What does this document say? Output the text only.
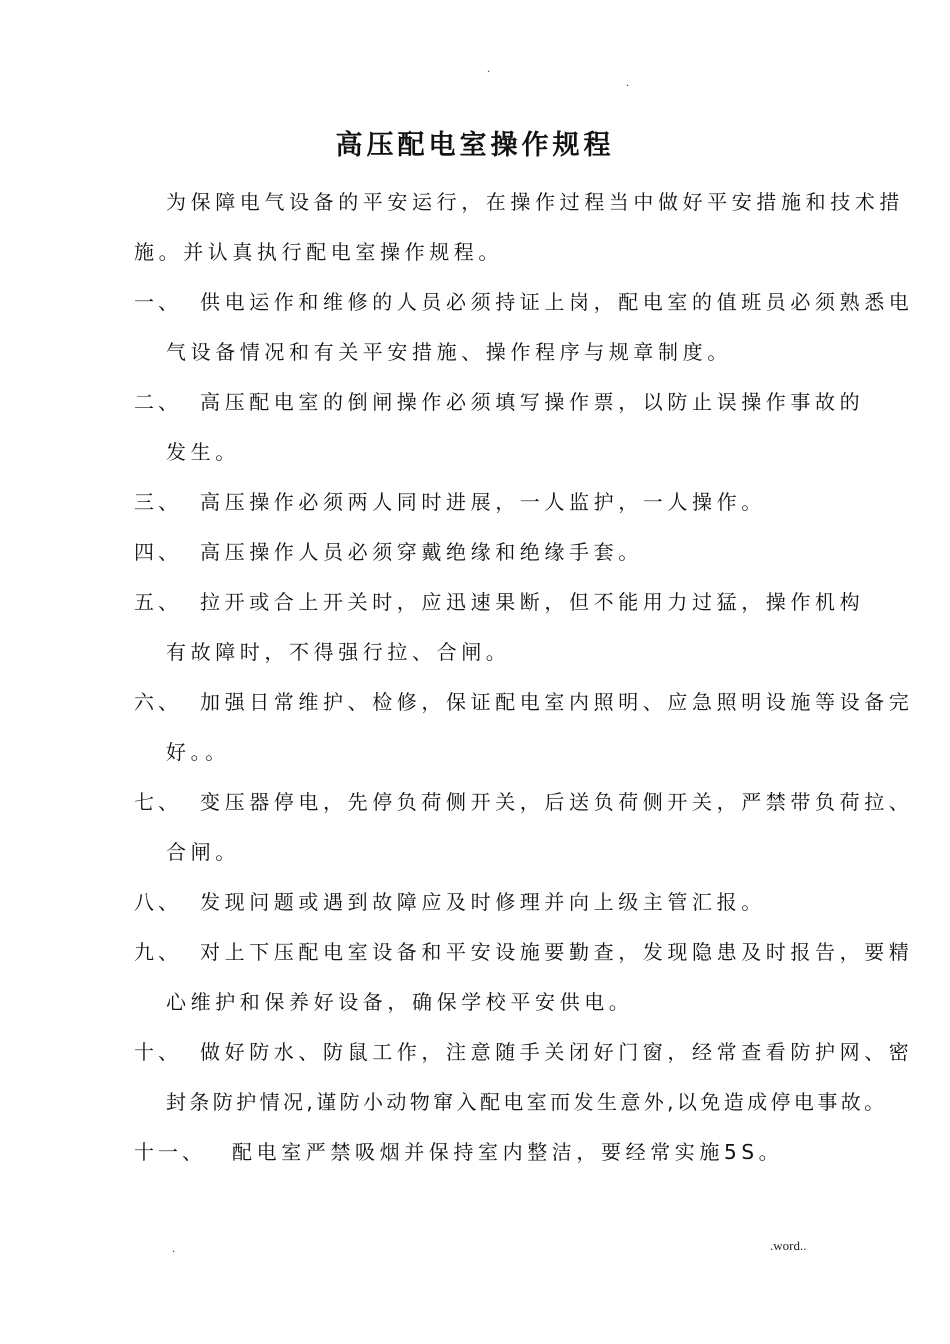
.
.
高压配电室操作规程
为保障电气设备的平安运行，在操作过程当中做好平安措施和技术措
施。并认真执行配电室操作规程。
一、 供电运作和维修的人员必须持证上岗，配电室的值班员必须熟悉电
气设备情况和有关平安措施、操作程序与规章制度。
二、 高压配电室的倒闸操作必须填写操作票，以防止误操作事故的
发生。
三、 高压操作必须两人同时进展，一人监护，一人操作。
四、 高压操作人员必须穿戴绝缘和绝缘手套。
五、 拉开或合上开关时，应迅速果断，但不能用力过猛，操作机构
有故障时，不得强行拉、合闸。
六、 加强日常维护、检修，保证配电室内照明、应急照明设施等设备完
好。。
七、 变压器停电，先停负荷侧开关，后送负荷侧开关，严禁带负荷拉、
合闸。
八、 发现问题或遇到故障应及时修理并向上级主管汇报。
九、 对上下压配电室设备和平安设施要勤查，发现隐患及时报告，要精
心维护和保养好设备，确保学校平安供电。
十、 做好防水、防鼠工作，注意随手关闭好门窗，经常查看防护网、密
封条防护情况,谨防小动物窜入配电室而发生意外,以免造成停电事故。
十一、 配电室严禁吸烟并保持室内整洁，要经常实施5S。
.	.word..
